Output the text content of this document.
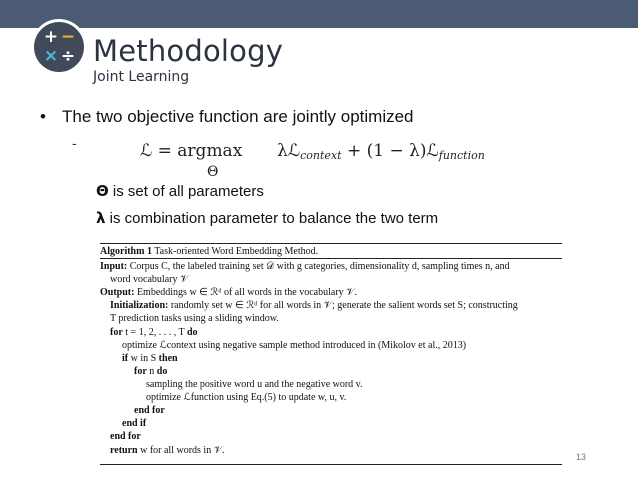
+ −
× ÷ Methodology
Joint Learning
• The two objective function are jointly optimized
-	ℒ = argmax λℒ$_{context}$ + (1 − λ)ℒ$_{function}$
Θ
Θ is set of all parameters
λ is combination parameter to balance the two term
Algorithm 1 Task-oriented Word Embedding Method.
Input: Corpus C, the labeled training set 𝒟 with g categories, dimensionality d, sampling times n, and
word vocabulary 𝒱
Output: Embeddings w ∈ ℛᵈ of all words in the vocabulary 𝒱.
Initialization: randomly set w ∈ ℛᵈ for all words in 𝒱; generate the salient words set S; constructing
T prediction tasks using a sliding window.
for t = 1, 2, . . . , T do
optimize ℒcontext using negative sample method introduced in (Mikolov et al., 2013)
if w in S then
for n do
sampling the positive word u and the negative word v.
optimize ℒfunction using Eq.(5) to update w, u, v.
end for
end if
end for
return w for all words in 𝒱.
13
